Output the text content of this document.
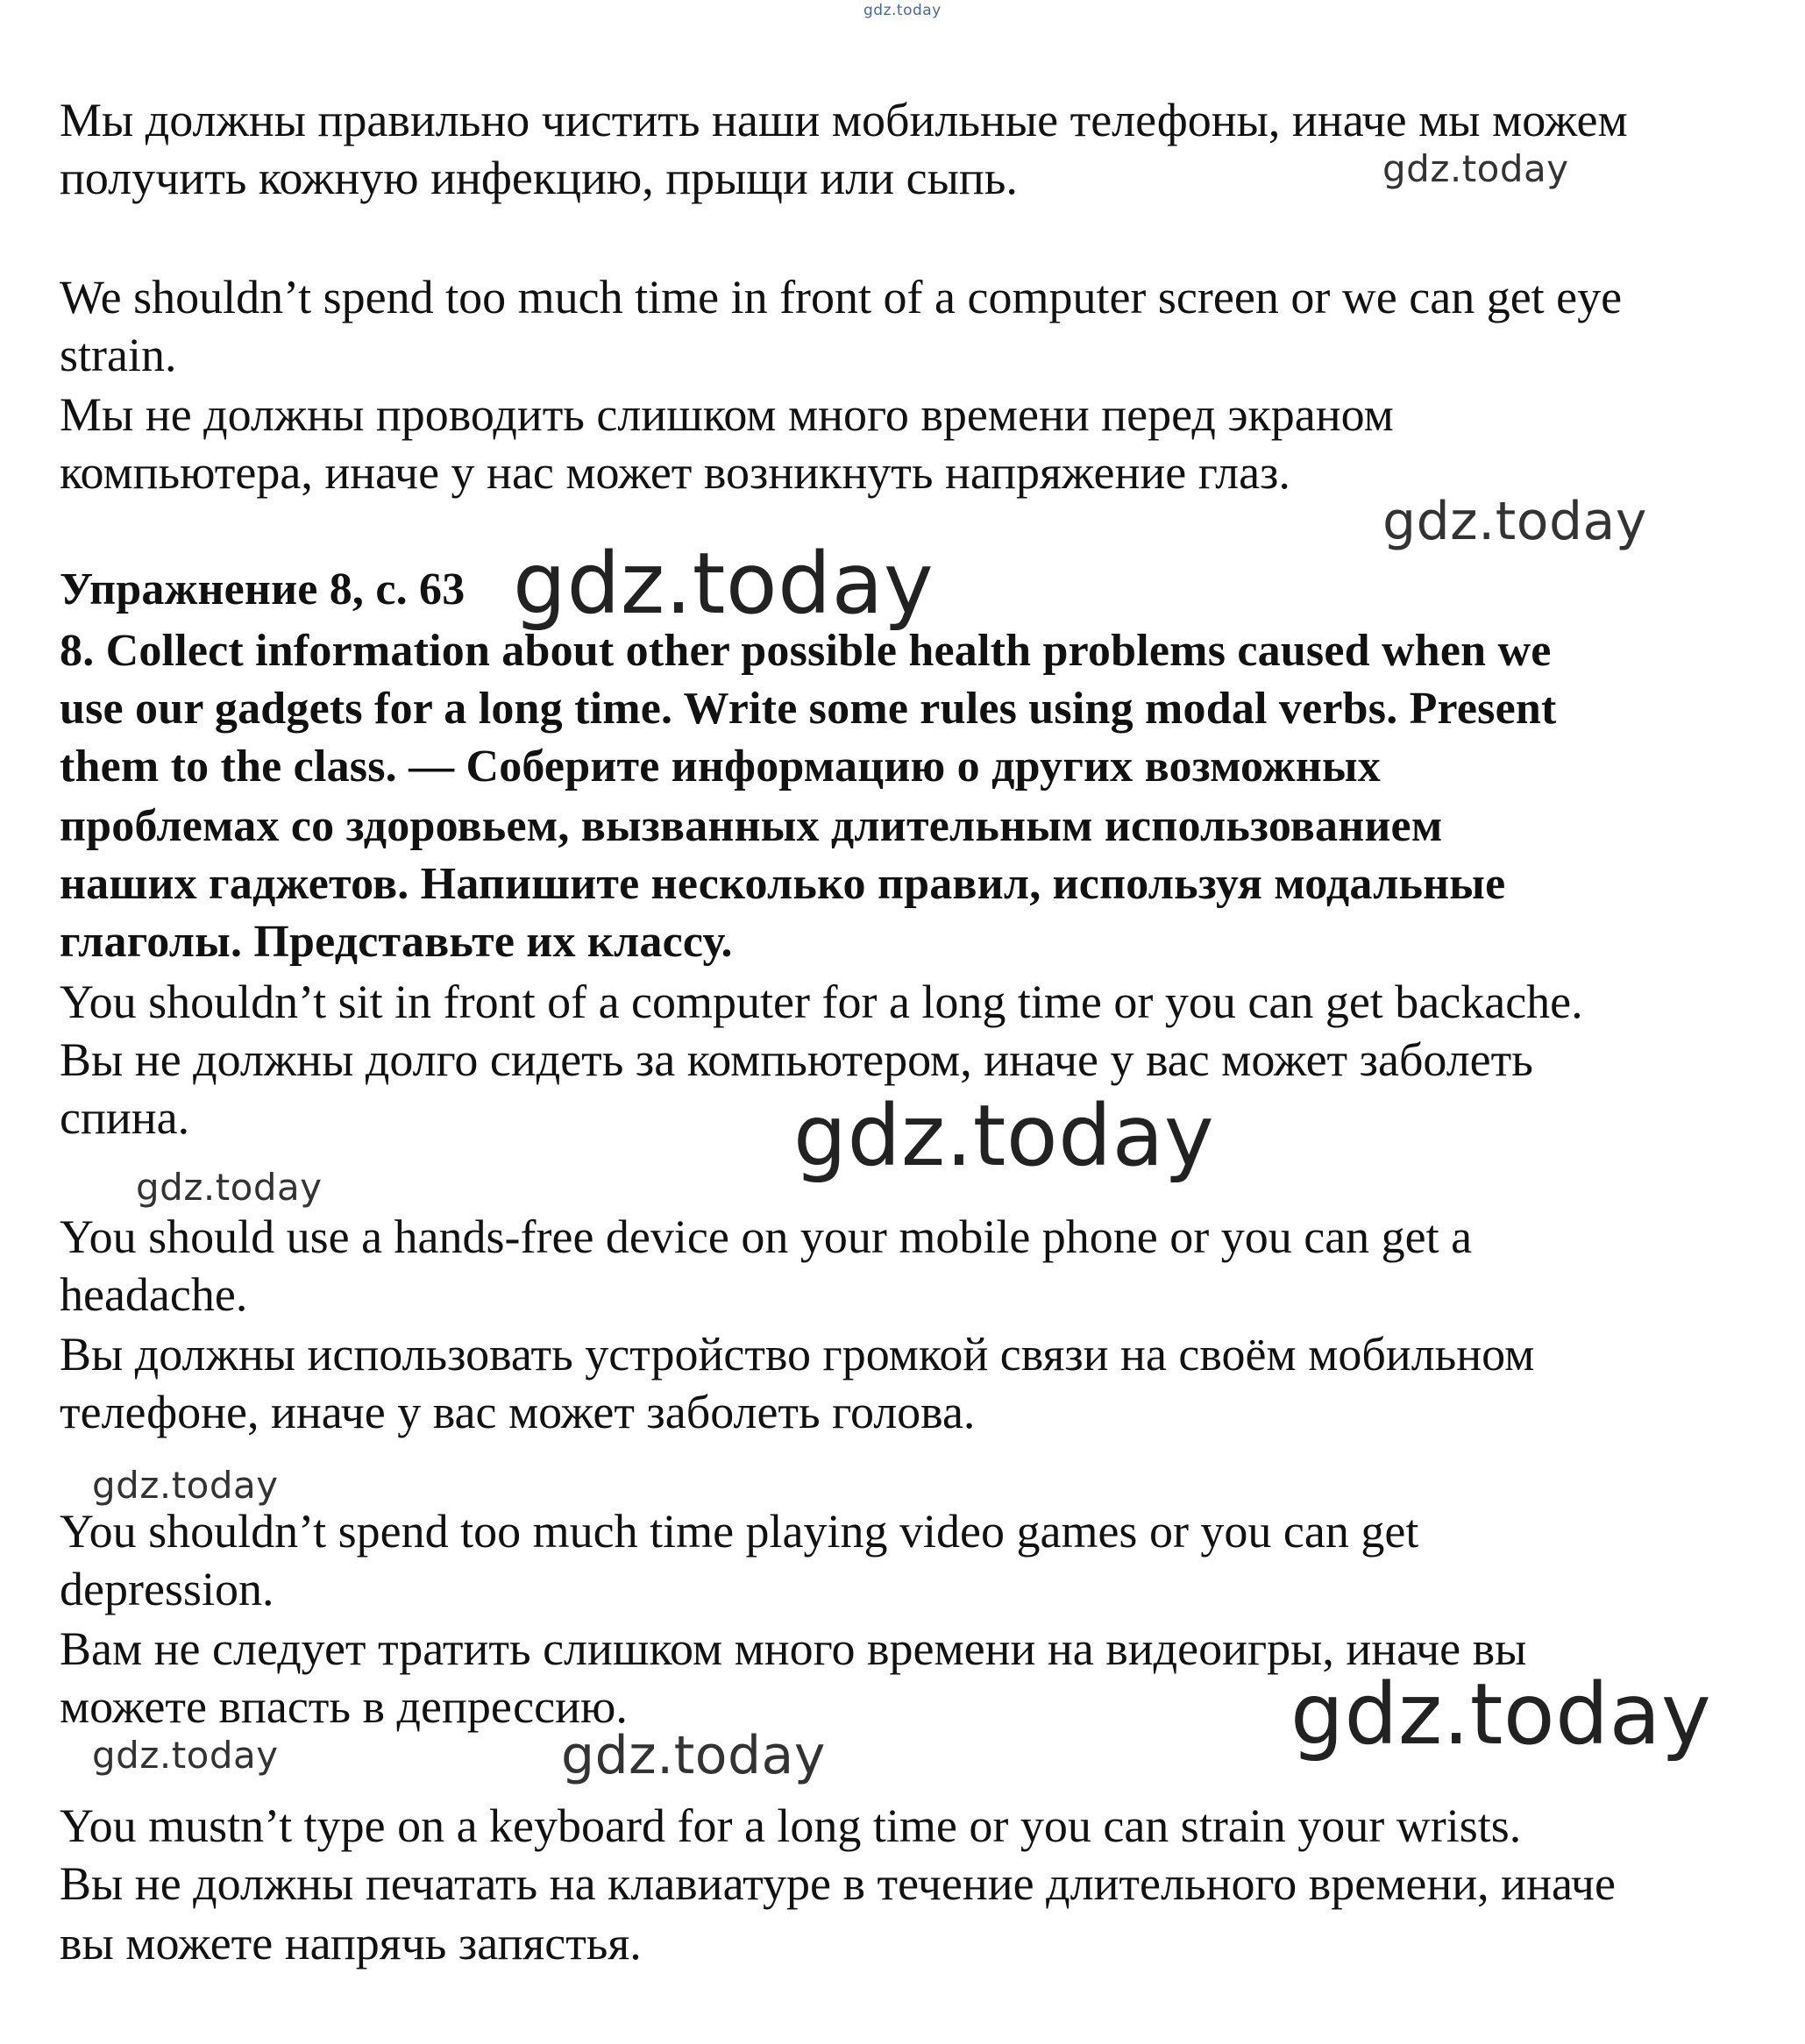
gdz.today
Мы должны правильно чистить наши мобильные телефоны, иначе мы можем
получить кожную инфекцию, прыщи или сыпь.	gdz.today
We shouldn’t spend too much time in front of a computer screen or we can get eye
strain.
Мы не должны проводить слишком много времени перед экраном
компьютера, иначе у нас может возникнуть напряжение глаз.
gdz.today
Упражнение 8, с. 63 gdz.today
8. Collect information about other possible health problems caused when we
use our gadgets for a long time. Write some rules using modal verbs. Present
them to the class. — Соберите информацию о других возможных
проблемах со здоровьем, вызванных длительным использованием
наших гаджетов. Напишите несколько правил, используя модальные
глаголы. Представьте их классу.
You shouldn’t sit in front of a computer for a long time or you can get backache.
Вы не должны долго сидеть за компьютером, иначе у вас может заболеть
спина.	gdz.today
gdz.today
You should use a hands-free device on your mobile phone or you can get a
headache.
Вы должны использовать устройство громкой связи на своём мобильном
телефоне, иначе у вас может заболеть голова.
gdz.today
You shouldn’t spend too much time playing video games or you can get
depression.
Вам не следует тратить слишком много времени на видеоигры, иначе вы
можете впасть в депрессию.	gdz.today
gdz.today	gdz.today
You mustn’t type on a keyboard for a long time or you can strain your wrists.
Вы не должны печатать на клавиатуре в течение длительного времени, иначе
вы можете напрячь запястья.
